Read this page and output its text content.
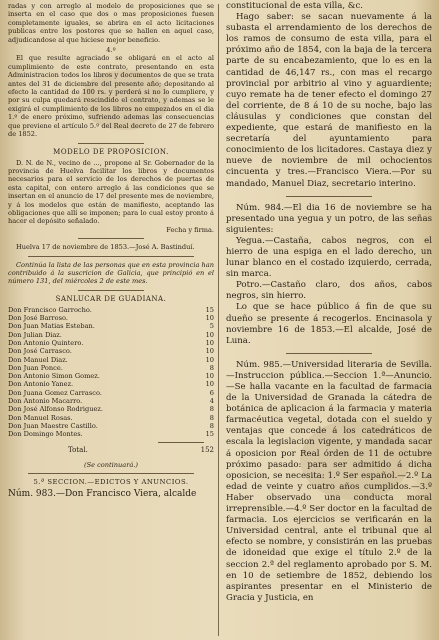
radas y con arreglo al modelo de proposiciones que se inserta en el caso que dos o mas proposiciones fuesen completamente iguales, se abrira en el acto licitaciones publicas entre los postores que se hallen en aquel caso, adjudicandose al que hiciese mejor beneficio.

4.º

El que resulte agraciado se obligará en el acto al cumplimiento de este contrato, presentando en esta Administracion todos los libros y documentos de que se trata antes del 31 de diciembre del presente año; depositando al efecto la cantidad de 100 rs. y perderá si no lo cumpliere, y por su culpa quedará rescindido el contrato, y ademas se le exigirá el cumplimiento de los libros no empezados en el dia 1.º de enero próximo, sufriendo ademas las consecuencias que previene el artículo 5.º del Real decreto de 27 de febrero de 1852.

MODELO DE PROPOSICION.

D. N. de N., vecino de ..., propone al Sr. Gobernador de la provincia de Huelva facilitar los libros y documentos necesarios para el servicio de los derechos de puertas de esta capital, con entero arreglo á las condiciones que se insertan en el anuncio de 17 del presente mes de noviembre, y á los modelos que están de manifiesto, aceptando las obligaciones que allí se imponen; para lo cual estoy pronto á hacer el depósito señalado.

Fecha y firma.

Huelva 17 de noviembre de 1853.—José A. Bastinduí.

Continúa la lista de las personas que en esta provincia han contribuido á la suscricion de Galicia, que principió en el número 131, del miércoles 2 de este mes.

SANLUCAR DE GUADIANA.

Don Francisco Garrocho.	15
Don José Barroso.	10
Don Juan Matias Esteban.	5
Don Julian Diaz.	10
Don Antonio Quintero.	10
Don José Carrasco.	10
Don Manuel Diaz.	10
Don Juan Ponce.	8
Don Antonio Simon Gomez.	10
Don Antonio Yanez.	10
Don Juana Gomez Carrasco.	6
Don Antonio Macarro.	4
Don José Alfonso Rodriguez.	8
Don Manuel Rosas.	8
Don Juan Maestre Castillo.	8
Don Domingo Montes.	15
Total.	152

(Se continuará.)

5.ª SECCION.—EDICTOS Y ANUNCIOS.

Núm. 983.—Don Francisco Viera, alcalde

constitucional de esta villa, &c.

Hago saber: se sacan nuevamente á la subasta el arrendamiento de los derechos de los ramos de consumo de esta villa, para el próximo año de 1854, con la baja de la tercera parte de su encabezamiento, que lo es en la cantidad de 46,147 rs., con mas el recargo provincial por arbitrio al vino y aguardiente; cuyo remate ha de tener efecto el domingo 27 del corriente, de 8 á 10 de su noche, bajo las cláusulas y condiciones que constan del expediente, que estará de manifiesto en la secretaría del ayuntamiento para conocimiento de los licitadores. Castaya diez y nueve de noviembre de mil ochocientos cincuenta y tres.—Francisco Viera.—Por su mandado, Manuel Diaz, secretario interino.

Núm. 984.—El dia 16 de noviembre se ha presentado una yegua y un potro, de las señas siguientes:

Yegua.—Castaña, cabos negros, con el hierro de una espiga en el lado derecho, un lunar blanco en el costado izquierdo, cerrada, sin marca.

Potro.—Castaño claro, dos años, cabos negros, sin hierro.

Lo que se hace público á fin de que su dueño se presente á recogerlos. Encinasola y noviembre 16 de 1853.—El alcalde, José de Luna.

Núm. 985.—Universidad literaria de Sevilla.—Instruccion pública.—Seccion 1.ª—Anuncio.—Se halla vacante en la facultad de farmacia de la Universidad de Granada la cátedra de botánica de aplicacion á la farmacia y materia farmacéutica vegetal, dotada con el sueldo y ventajas que concede á los catedráticos de escala la legislacion vigente, y mandada sacar á oposicion por Real órden de 11 de octubre próximo pasado: para ser admitido á dicha oposicion, se necesita: 1.º Ser español.—2.º La edad de veinte y cuatro años cumplidos.—3.º Haber observado una conducta moral irreprensible.—4.º Ser doctor en la facultad de farmacia. Los ejercicios se verificarán en la Universidad central, ante el tribunal que al efecto se nombre, y consistirán en las pruebas de idoneidad que exige el título 2.º de la seccion 2.ª del reglamento aprobado por S. M. en 10 de setiembre de 1852, debiendo los aspirantes presentar en el Ministerio de Gracia y Justicia, en
